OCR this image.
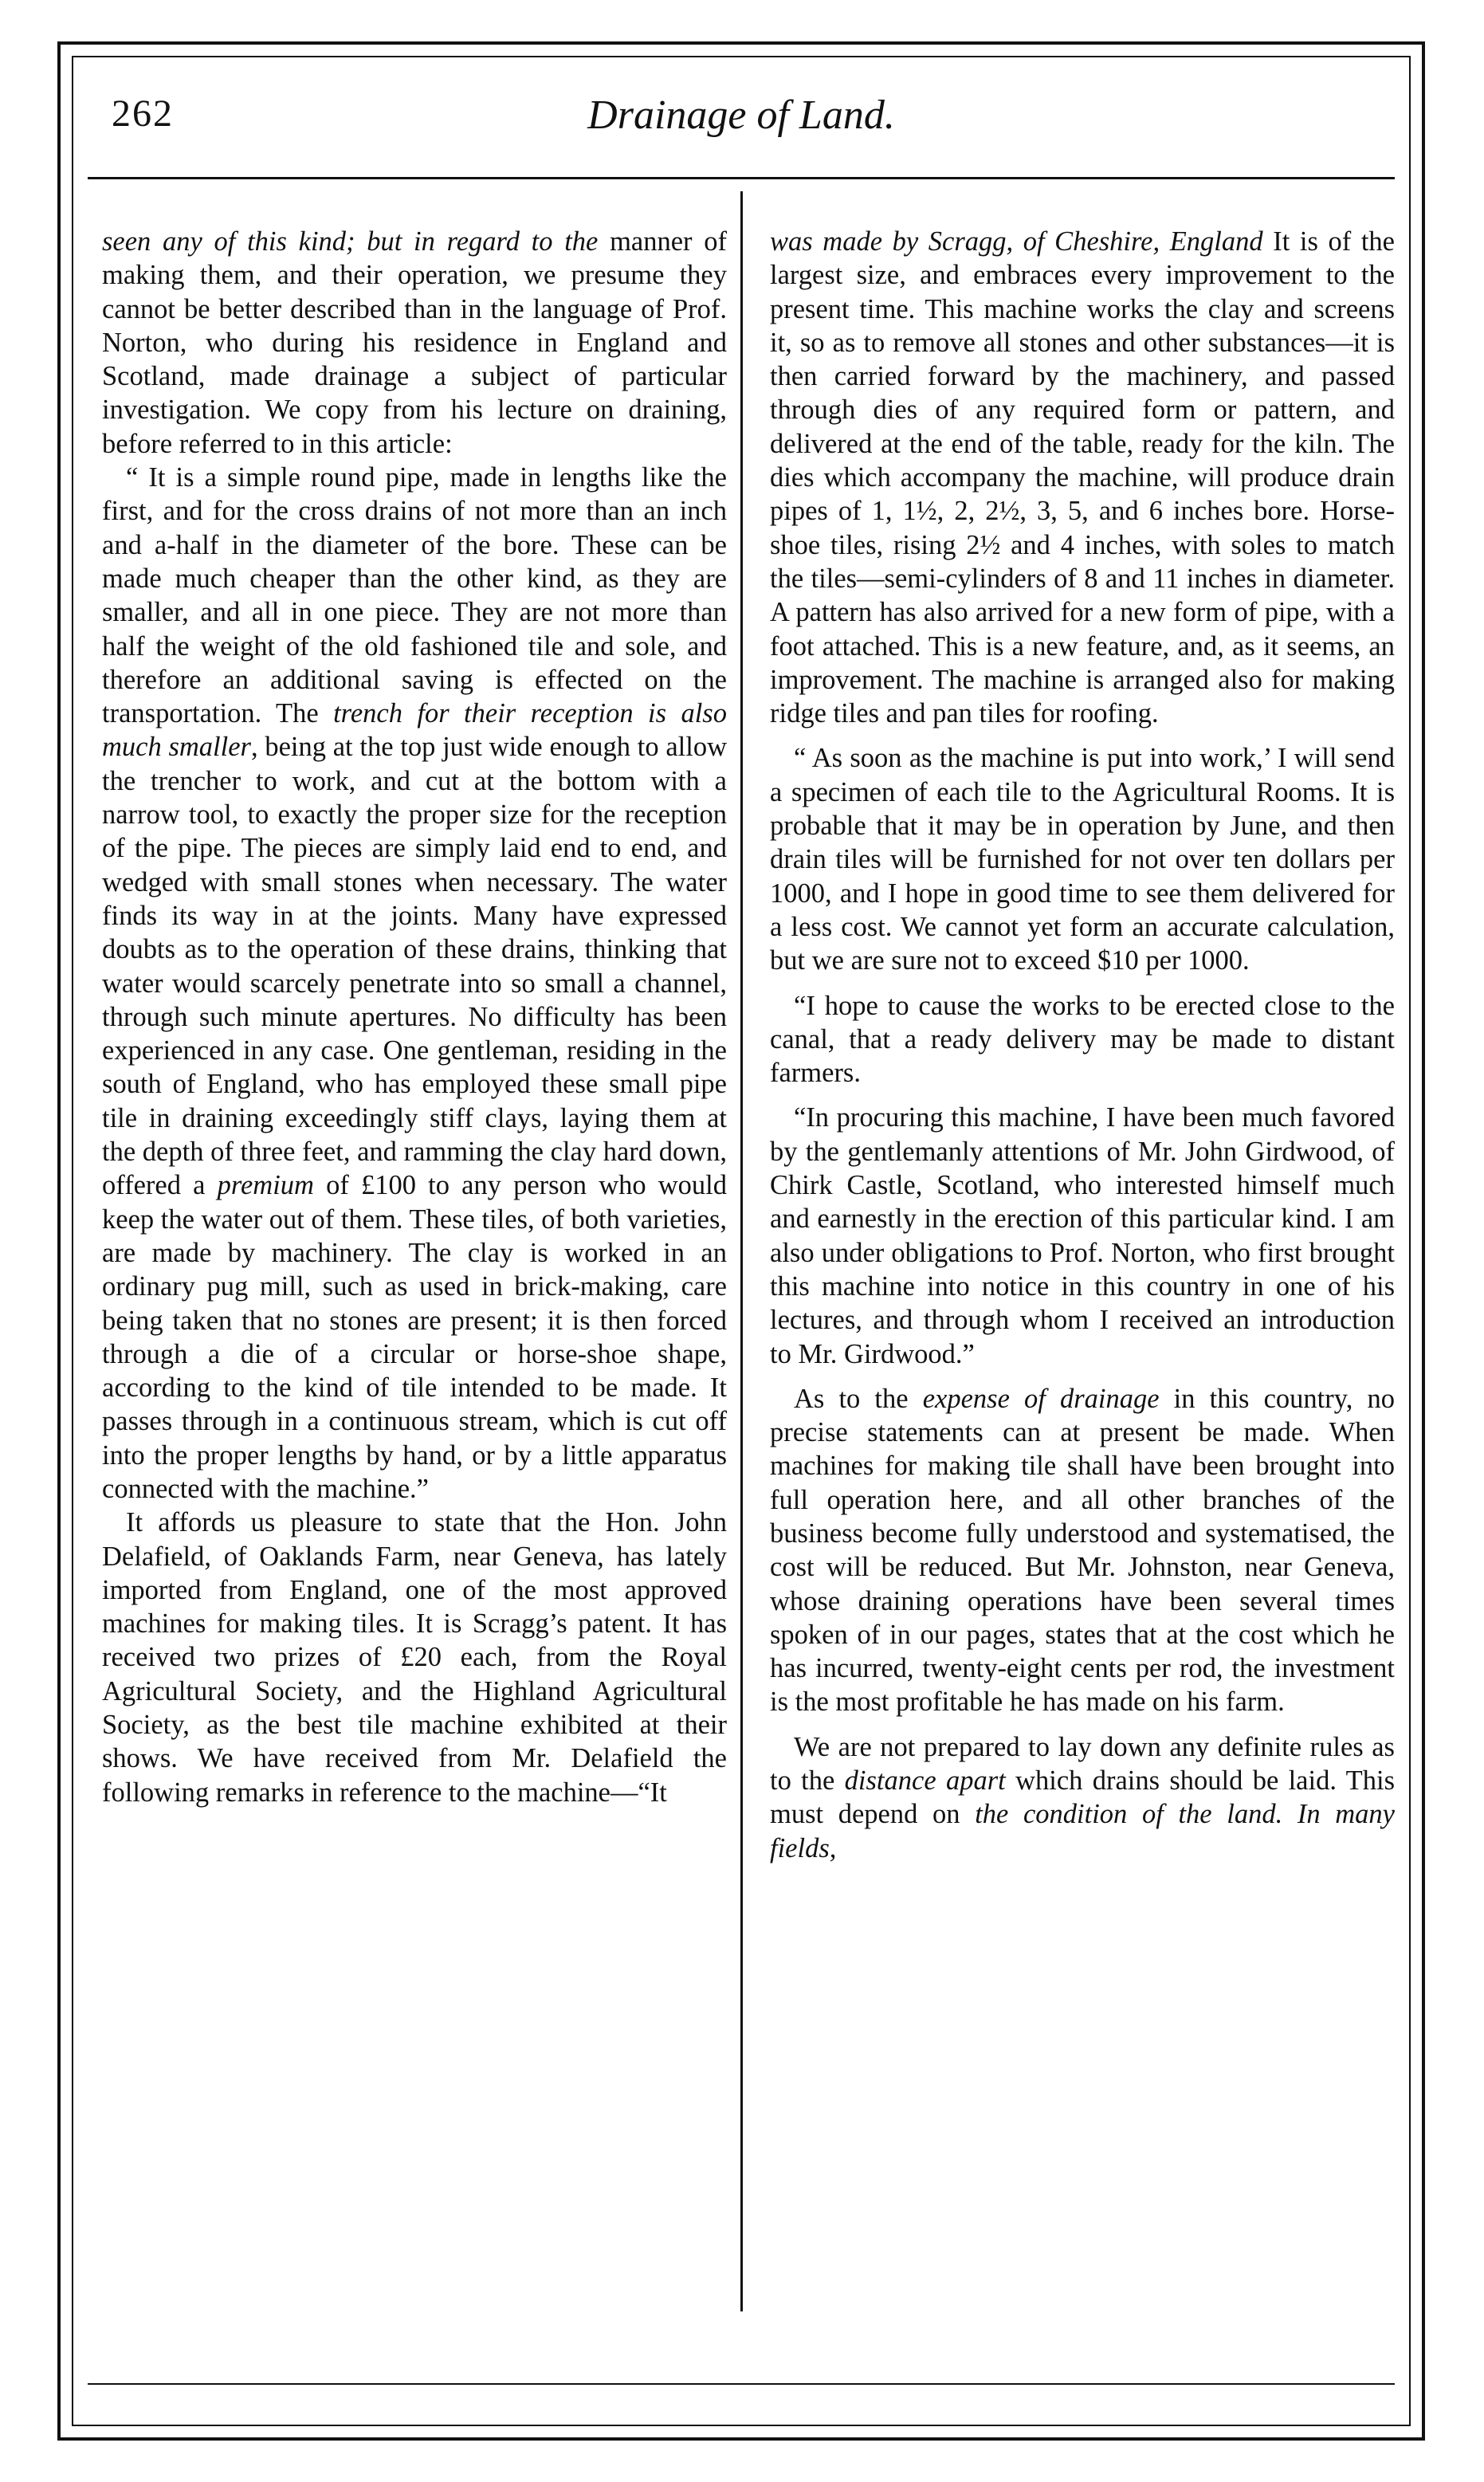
262	Drainage of Land.

seen any of this kind; but in regard to the manner of making them, and their operation, we presume they cannot be better described than in the language of Prof. Norton, who during his residence in England and Scotland, made drainage a subject of particular investigation. We copy from his lecture on draining, before referred to in this article:

“ It is a simple round pipe, made in lengths like the first, and for the cross drains of not more than an inch and a-half in the diameter of the bore. These can be made much cheaper than the other kind, as they are smaller, and all in one piece. They are not more than half the weight of the old fashioned tile and sole, and therefore an additional saving is effected on the transportation. The trench for their reception is also much smaller, being at the top just wide enough to allow the trencher to work, and cut at the bottom with a narrow tool, to exactly the proper size for the reception of the pipe. The pieces are simply laid end to end, and wedged with small stones when necessary. The water finds its way in at the joints. Many have expressed doubts as to the operation of these drains, thinking that water would scarcely penetrate into so small a channel, through such minute apertures. No difficulty has been experienced in any case. One gentleman, residing in the south of England, who has employed these small pipe tile in draining exceedingly stiff clays, laying them at the depth of three feet, and ramming the clay hard down, offered a premium of £100 to any person who would keep the water out of them. These tiles, of both varieties, are made by machinery. The clay is worked in an ordinary pug mill, such as used in brick-making, care being taken that no stones are present; it is then forced through a die of a circular or horse-shoe shape, according to the kind of tile intended to be made. It passes through in a continuous stream, which is cut off into the proper lengths by hand, or by a little apparatus connected with the machine.”

It affords us pleasure to state that the Hon. John Delafield, of Oaklands Farm, near Geneva, has lately imported from England, one of the most approved machines for making tiles. It is Scragg’s patent. It has received two prizes of £20 each, from the Royal Agricultural Society, and the Highland Agricultural Society, as the best tile machine exhibited at their shows. We have received from Mr. Delafield the following remarks in reference to the machine—“It

was made by Scragg, of Cheshire, England It is of the largest size, and embraces every improvement to the present time. This machine works the clay and screens it, so as to remove all stones and other substances—it is then carried forward by the machinery, and passed through dies of any required form or pattern, and delivered at the end of the table, ready for the kiln. The dies which accompany the machine, will produce drain pipes of 1, 1½, 2, 2½, 3, 5, and 6 inches bore. Horse-shoe tiles, rising 2½ and 4 inches, with soles to match the tiles—semi-cylinders of 8 and 11 inches in diameter. A pattern has also arrived for a new form of pipe, with a foot attached. This is a new feature, and, as it seems, an improvement. The machine is arranged also for making ridge tiles and pan tiles for roofing.

“ As soon as the machine is put into work,’ I will send a specimen of each tile to the Agricultural Rooms. It is probable that it may be in operation by June, and then drain tiles will be furnished for not over ten dollars per 1000, and I hope in good time to see them delivered for a less cost. We cannot yet form an accurate calculation, but we are sure not to exceed $10 per 1000.

“I hope to cause the works to be erected close to the canal, that a ready delivery may be made to distant farmers.

“In procuring this machine, I have been much favored by the gentlemanly attentions of Mr. John Girdwood, of Chirk Castle, Scotland, who interested himself much and earnestly in the erection of this particular kind. I am also under obligations to Prof. Norton, who first brought this machine into notice in this country in one of his lectures, and through whom I received an introduction to Mr. Girdwood.”

As to the expense of drainage in this country, no precise statements can at present be made. When machines for making tile shall have been brought into full operation here, and all other branches of the business become fully understood and systematised, the cost will be reduced. But Mr. Johnston, near Geneva, whose draining operations have been several times spoken of in our pages, states that at the cost which he has incurred, twenty-eight cents per rod, the investment is the most profitable he has made on his farm.

We are not prepared to lay down any definite rules as to the distance apart which drains should be laid. This must depend on the condition of the land. In many fields,
